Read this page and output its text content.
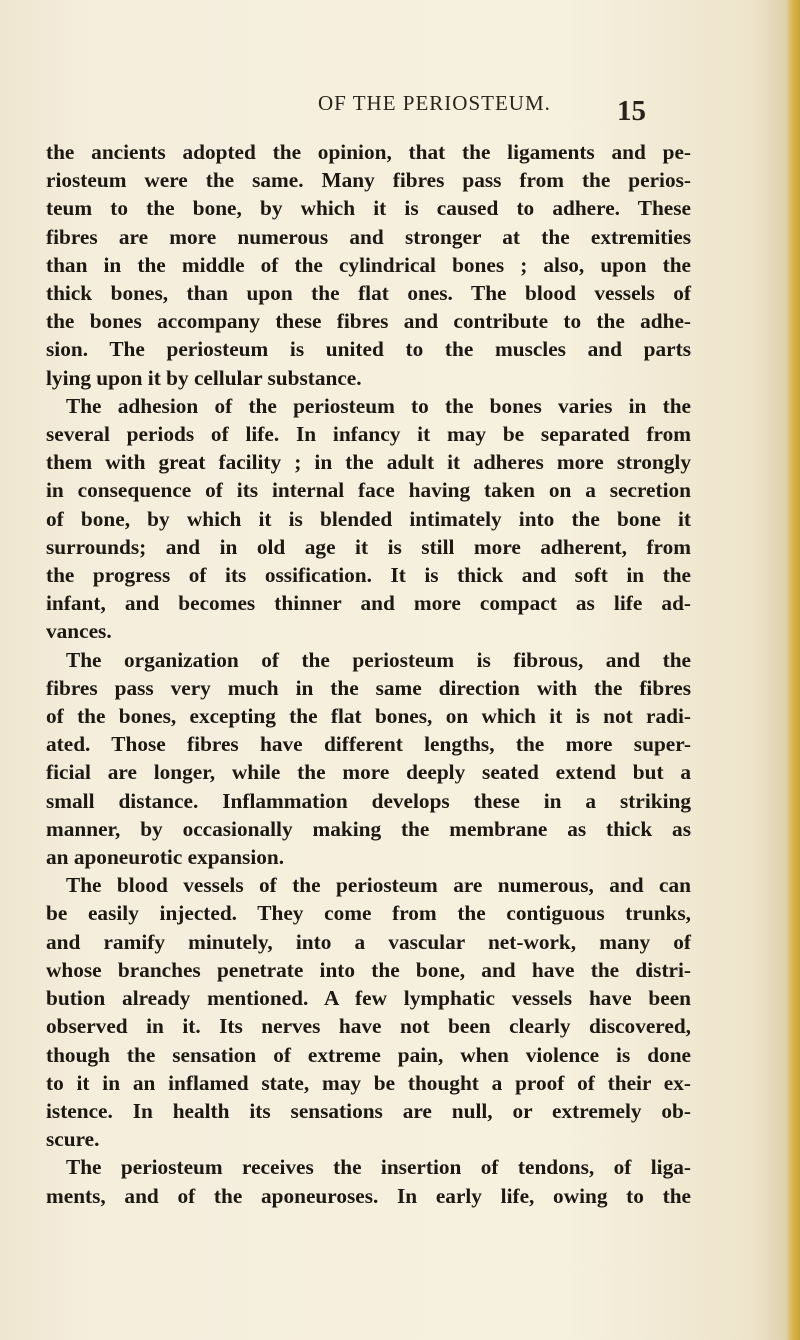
OF THE PERIOSTEUM. 15
the ancients adopted the opinion, that the ligaments and pe-
riosteum were the same. Many fibres pass from the perios-
teum to the bone, by which it is caused to adhere. These
fibres are more numerous and stronger at the extremities
than in the middle of the cylindrical bones ; also, upon the
thick bones, than upon the flat ones. The blood vessels of
the bones accompany these fibres and contribute to the adhe-
sion. The periosteum is united to the muscles and parts
lying upon it by cellular substance.
The adhesion of the periosteum to the bones varies in the
several periods of life. In infancy it may be separated from
them with great facility ; in the adult it adheres more strongly
in consequence of its internal face having taken on a secretion
of bone, by which it is blended intimately into the bone it
surrounds; and in old age it is still more adherent, from
the progress of its ossification. It is thick and soft in the
infant, and becomes thinner and more compact as life ad-
vances.
The organization of the periosteum is fibrous, and the
fibres pass very much in the same direction with the fibres
of the bones, excepting the flat bones, on which it is not radi-
ated. Those fibres have different lengths, the more super-
ficial are longer, while the more deeply seated extend but a
small distance. Inflammation develops these in a striking
manner, by occasionally making the membrane as thick as
an aponeurotic expansion.
The blood vessels of the periosteum are numerous, and can
be easily injected. They come from the contiguous trunks,
and ramify minutely, into a vascular net-work, many of
whose branches penetrate into the bone, and have the distri-
bution already mentioned. A few lymphatic vessels have been
observed in it. Its nerves have not been clearly discovered,
though the sensation of extreme pain, when violence is done
to it in an inflamed state, may be thought a proof of their ex-
istence. In health its sensations are null, or extremely ob-
scure.
The periosteum receives the insertion of tendons, of liga-
ments, and of the aponeuroses. In early life, owing to the
